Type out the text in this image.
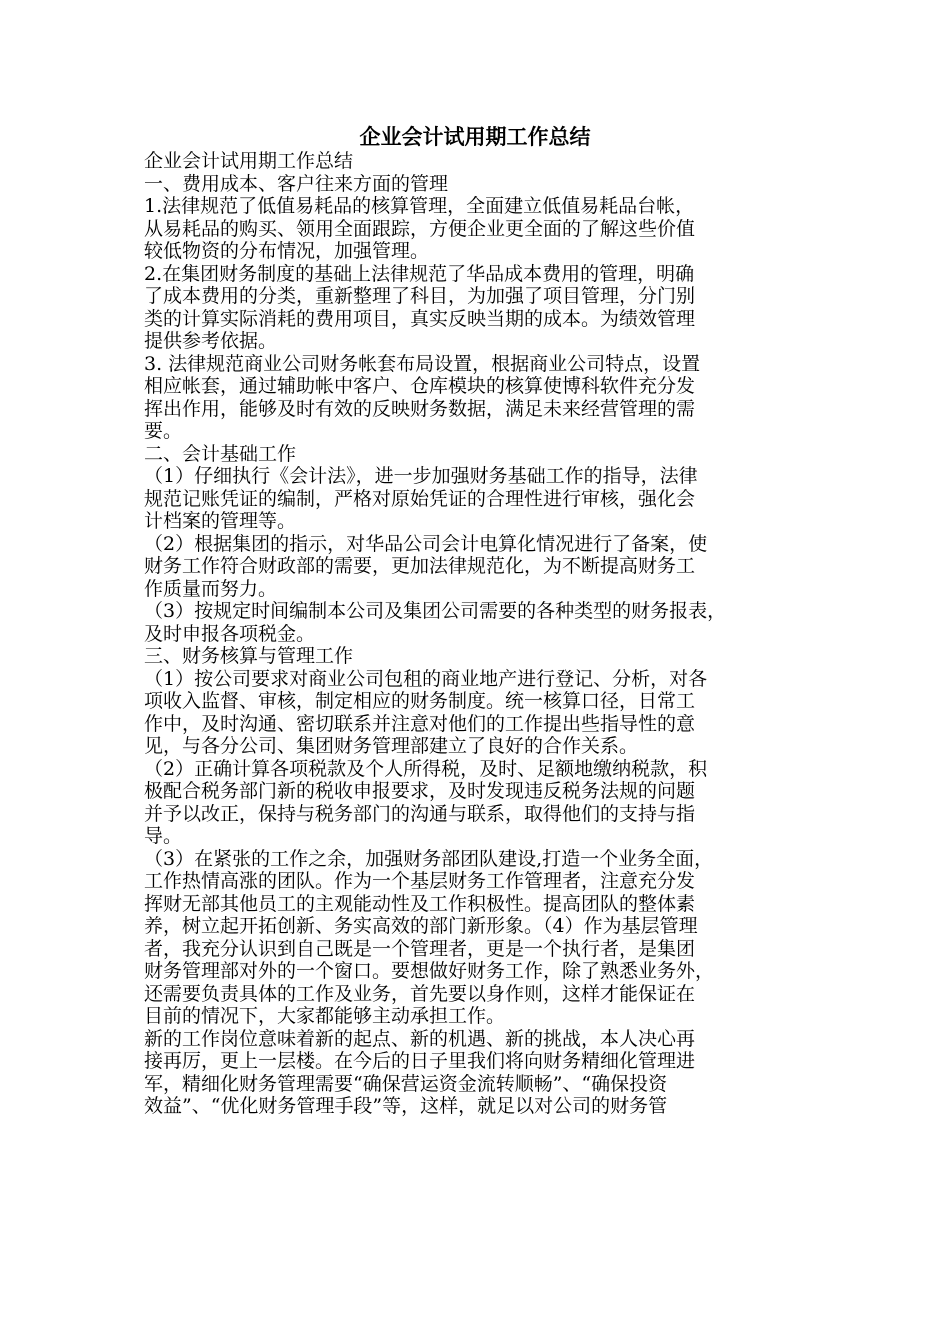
企业会计试用期工作总结

企业会计试用期工作总结

一、费用成本、客户往来方面的管理

1.法律规范了低值易耗品的核算管理，全面建立低值易耗品台帐，

从易耗品的购买、领用全面跟踪，方便企业更全面的了解这些价值

较低物资的分布情况，加强管理。

2.在集团财务制度的基础上法律规范了华品成本费用的管理，明确

了成本费用的分类，重新整理了科目，为加强了项目管理，分门别

类的计算实际消耗的费用项目，真实反映当期的成本。为绩效管理

提供参考依据。

3. 法律规范商业公司财务帐套布局设置，根据商业公司特点，设置

相应帐套，通过辅助帐中客户、仓库模块的核算使博科软件充分发

挥出作用，能够及时有效的反映财务数据，满足未来经营管理的需

要。

二、会计基础工作

（1）仔细执行《会计法》，进一步加强财务基础工作的指导，法律

规范记账凭证的编制，严格对原始凭证的合理性进行审核，强化会

计档案的管理等。

（2）根据集团的指示，对华品公司会计电算化情况进行了备案，使

财务工作符合财政部的需要，更加法律规范化，为不断提高财务工

作质量而努力。

（3）按规定时间编制本公司及集团公司需要的各种类型的财务报表，

及时申报各项税金。

三、财务核算与管理工作

（1）按公司要求对商业公司包租的商业地产进行登记、分析，对各

项收入监督、审核，制定相应的财务制度。统一核算口径，日常工

作中，及时沟通、密切联系并注意对他们的工作提出些指导性的意

见，与各分公司、集团财务管理部建立了良好的合作关系。

（2）正确计算各项税款及个人所得税，及时、足额地缴纳税款，积

极配合税务部门新的税收申报要求，及时发现违反税务法规的问题

并予以改正，保持与税务部门的沟通与联系，取得他们的支持与指

导。

（3）在紧张的工作之余，加强财务部团队建设,打造一个业务全面，

工作热情高涨的团队。作为一个基层财务工作管理者，注意充分发

挥财无部其他员工的主观能动性及工作积极性。提高团队的整体素

养，树立起开拓创新、务实高效的部门新形象。（4）作为基层管理

者，我充分认识到自己既是一个管理者，更是一个执行者，是集团

财务管理部对外的一个窗口。要想做好财务工作，除了熟悉业务外，

还需要负责具体的工作及业务，首先要以身作则，这样才能保证在

目前的情况下，大家都能够主动承担工作。

新的工作岗位意味着新的起点、新的机遇、新的挑战，本人决心再

接再厉，更上一层楼。在今后的日子里我们将向财务精细化管理进

军，精细化财务管理需要“确保营运资金流转顺畅”、“确保投资

效益”、“优化财务管理手段”等，这样，就足以对公司的财务管
